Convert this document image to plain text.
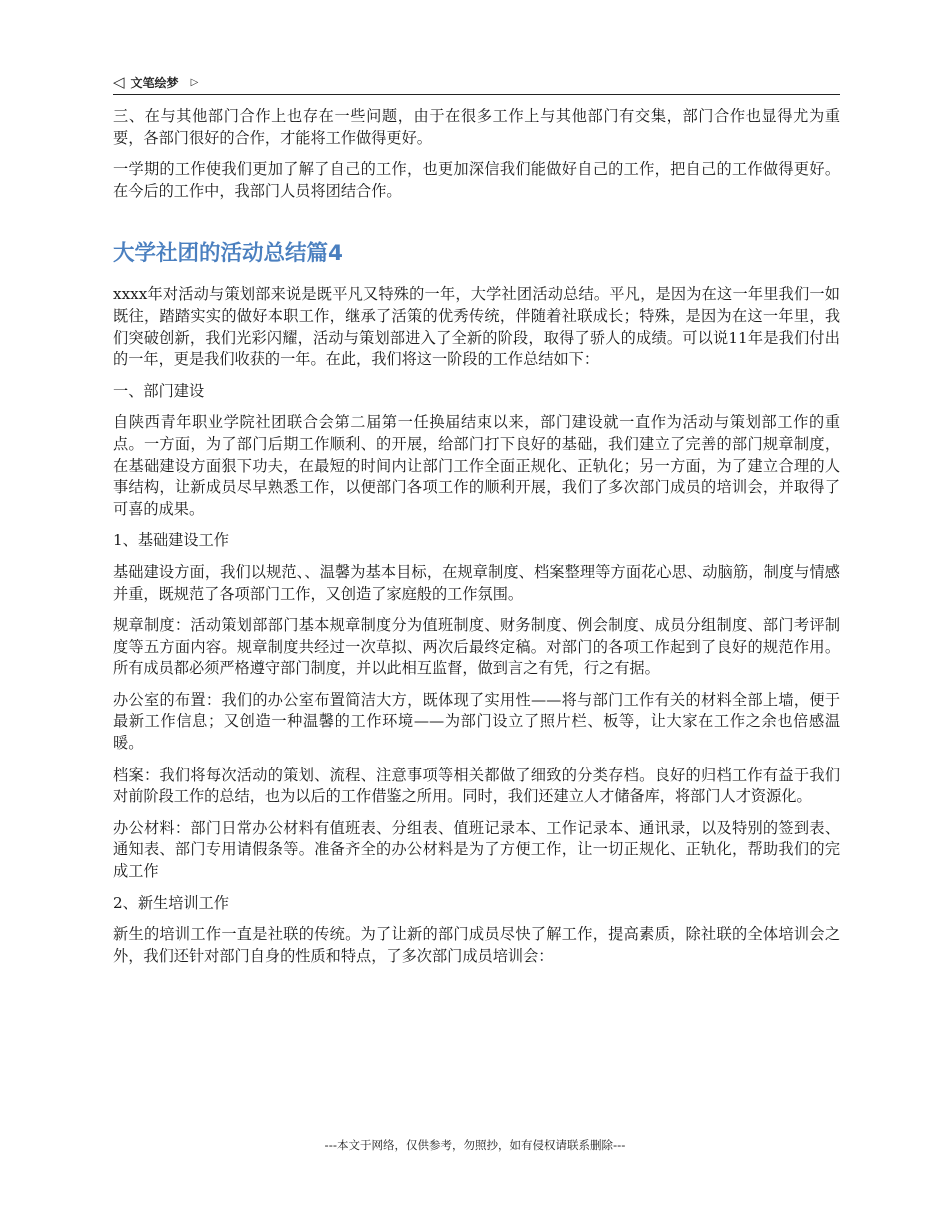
◁ 文笔绘梦 ▷

三、在与其他部门合作上也存在一些问题，由于在很多工作上与其他部门有交集，部门合作也显得尤为重要，各部门很好的合作，才能将工作做得更好。

一学期的工作使我们更加了解了自己的工作，也更加深信我们能做好自己的工作，把自己的工作做得更好。在今后的工作中，我部门人员将团结合作。

大学社团的活动总结篇4

xxxx年对活动与策划部来说是既平凡又特殊的一年，大学社团活动总结。平凡，是因为在这一年里我们一如既往，踏踏实实的做好本职工作，继承了活策的优秀传统，伴随着社联成长；特殊，是因为在这一年里，我们突破创新，我们光彩闪耀，活动与策划部进入了全新的阶段，取得了骄人的成绩。可以说11年是我们付出的一年，更是我们收获的一年。在此，我们将这一阶段的工作总结如下：

一、部门建设

自陕西青年职业学院社团联合会第二届第一任换届结束以来，部门建设就一直作为活动与策划部工作的重点。一方面，为了部门后期工作顺利、的开展，给部门打下良好的基础，我们建立了完善的部门规章制度，在基础建设方面狠下功夫，在最短的时间内让部门工作全面正规化、正轨化；另一方面，为了建立合理的人事结构，让新成员尽早熟悉工作，以便部门各项工作的顺利开展，我们了多次部门成员的培训会，并取得了可喜的成果。

1、基础建设工作

基础建设方面，我们以规范、、温馨为基本目标，在规章制度、档案整理等方面花心思、动脑筋，制度与情感并重，既规范了各项部门工作，又创造了家庭般的工作氛围。

规章制度：活动策划部部门基本规章制度分为值班制度、财务制度、例会制度、成员分组制度、部门考评制度等五方面内容。规章制度共经过一次草拟、两次后最终定稿。对部门的各项工作起到了良好的规范作用。所有成员都必须严格遵守部门制度，并以此相互监督，做到言之有凭，行之有据。

办公室的布置：我们的办公室布置简洁大方，既体现了实用性——将与部门工作有关的材料全部上墙，便于最新工作信息；又创造一种温馨的工作环境——为部门设立了照片栏、板等，让大家在工作之余也倍感温暖。

档案：我们将每次活动的策划、流程、注意事项等相关都做了细致的分类存档。良好的归档工作有益于我们对前阶段工作的总结，也为以后的工作借鉴之所用。同时，我们还建立人才储备库，将部门人才资源化。

办公材料：部门日常办公材料有值班表、分组表、值班记录本、工作记录本、通讯录，以及特别的签到表、通知表、部门专用请假条等。准备齐全的办公材料是为了方便工作，让一切正规化、正轨化，帮助我们的完成工作

2、新生培训工作

新生的培训工作一直是社联的传统。为了让新的部门成员尽快了解工作，提高素质，除社联的全体培训会之外，我们还针对部门自身的性质和特点，了多次部门成员培训会：

---本文于网络，仅供参考，勿照抄，如有侵权请联系删除---
